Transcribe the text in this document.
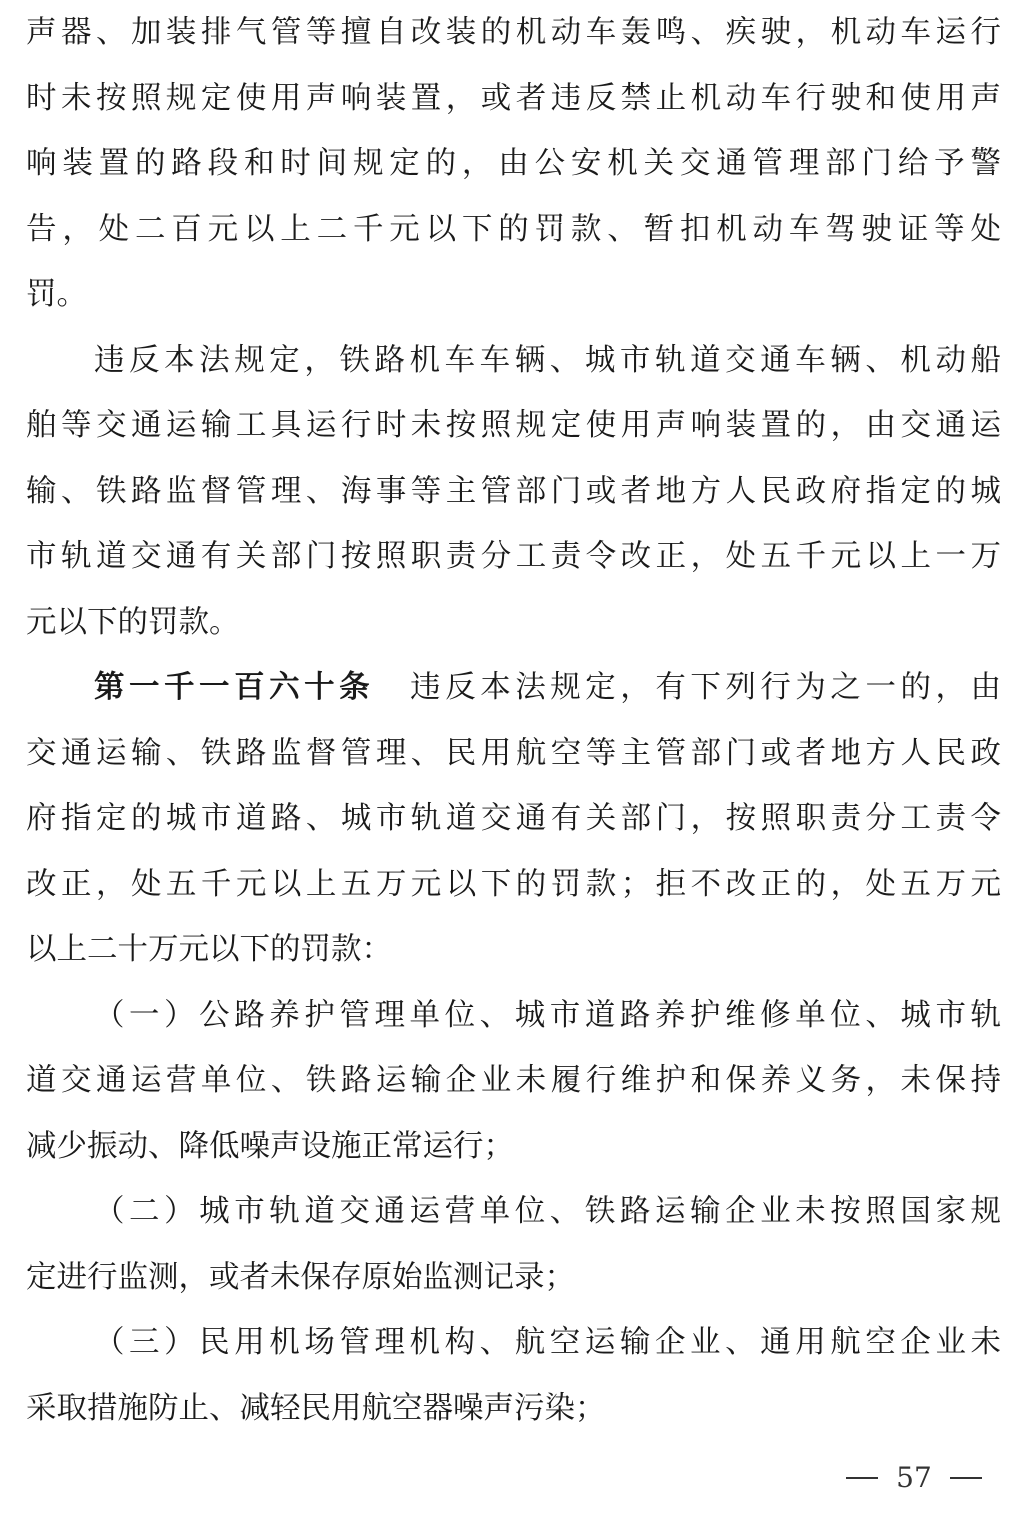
声器、加装排气管等擅自改装的机动车轰鸣、疾驶，机动车运行
时未按照规定使用声响装置，或者违反禁止机动车行驶和使用声
响装置的路段和时间规定的，由公安机关交通管理部门给予警
告，处二百元以上二千元以下的罚款、暂扣机动车驾驶证等处
罚。
违反本法规定，铁路机车车辆、城市轨道交通车辆、机动船
舶等交通运输工具运行时未按照规定使用声响装置的，由交通运
输、铁路监督管理、海事等主管部门或者地方人民政府指定的城
市轨道交通有关部门按照职责分工责令改正，处五千元以上一万
元以下的罚款。
第一千一百六十条 违反本法规定，有下列行为之一的，由
交通运输、铁路监督管理、民用航空等主管部门或者地方人民政
府指定的城市道路、城市轨道交通有关部门，按照职责分工责令
改正，处五千元以上五万元以下的罚款；拒不改正的，处五万元
以上二十万元以下的罚款：
（一）公路养护管理单位、城市道路养护维修单位、城市轨
道交通运营单位、铁路运输企业未履行维护和保养义务，未保持
减少振动、降低噪声设施正常运行；
（二）城市轨道交通运营单位、铁路运输企业未按照国家规
定进行监测，或者未保存原始监测记录；
（三）民用机场管理机构、航空运输企业、通用航空企业未
采取措施防止、减轻民用航空器噪声污染；
57
